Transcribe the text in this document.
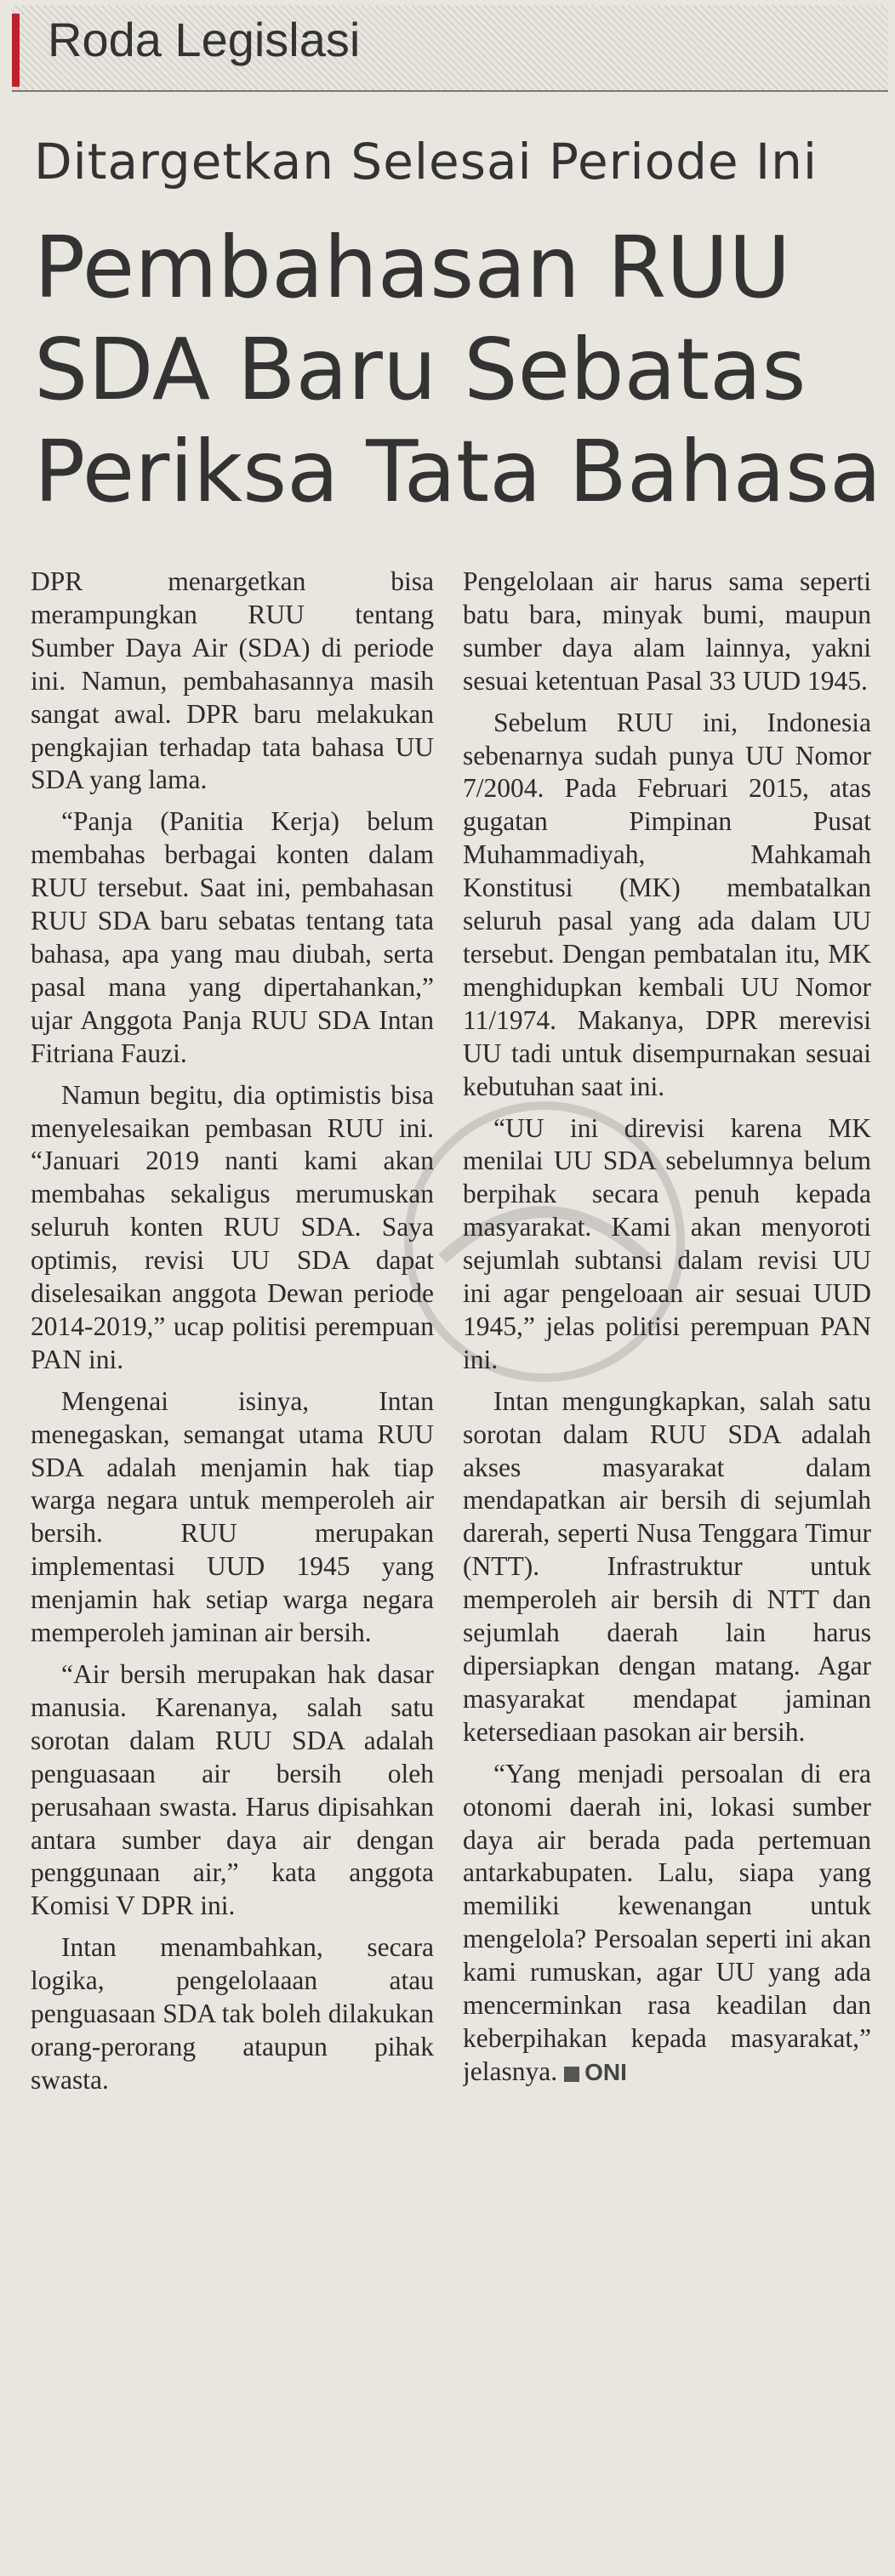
Roda Legislasi
Ditargetkan Selesai Periode Ini
Pembahasan RUU
SDA Baru Sebatas
Periksa Tata Bahasa

DPR menargetkan bisa merampungkan RUU tentang Sumber Daya Air (SDA) di periode ini. Namun, pembahasannya masih sangat awal. DPR baru melakukan pengkajian terhadap tata bahasa UU SDA yang lama.

“Panja (Panitia Kerja) belum membahas berbagai konten dalam RUU tersebut. Saat ini, pembahasan RUU SDA baru sebatas tentang tata bahasa, apa yang mau diubah, serta pasal mana yang dipertahankan,” ujar Anggota Panja RUU SDA Intan Fitriana Fauzi.

Namun begitu, dia optimistis bisa menyelesaikan pembasan RUU ini. “Januari 2019 nanti kami akan membahas sekaligus merumuskan seluruh konten RUU SDA. Saya optimis, revisi UU SDA dapat diselesaikan anggota Dewan periode 2014-2019,” ucap politisi perempuan PAN ini.

Mengenai isinya, Intan menegaskan, semangat utama RUU SDA adalah menjamin hak tiap warga negara untuk memperoleh air bersih. RUU merupakan implementasi UUD 1945 yang menjamin hak setiap warga negara memperoleh jaminan air bersih.

“Air bersih merupakan hak dasar manusia. Karenanya, salah satu sorotan dalam RUU SDA adalah penguasaan air bersih oleh perusahaan swasta. Harus dipisahkan antara sumber daya air dengan penggunaan air,” kata anggota Komisi V DPR ini.

Intan menambahkan, secara logika, pengelolaaan atau penguasaan SDA tak boleh dilakukan orang-perorang ataupun pihak swasta.

Pengelolaan air harus sama seperti batu bara, minyak bumi, maupun sumber daya alam lainnya, yakni sesuai ketentuan Pasal 33 UUD 1945.

Sebelum RUU ini, Indonesia sebenarnya sudah punya UU Nomor 7/2004. Pada Februari 2015, atas gugatan Pimpinan Pusat Muhammadiyah, Mahkamah Konstitusi (MK) membatalkan seluruh pasal yang ada dalam UU tersebut. Dengan pembatalan itu, MK menghidupkan kembali UU Nomor 11/1974. Makanya, DPR merevisi UU tadi untuk disempurnakan sesuai kebutuhan saat ini.

“UU ini direvisi karena MK menilai UU SDA sebelumnya belum berpihak secara penuh kepada masyarakat. Kami akan menyoroti sejumlah subtansi dalam revisi UU ini agar pengeloaan air sesuai UUD 1945,” jelas politisi perempuan PAN ini.

Intan mengungkapkan, salah satu sorotan dalam RUU SDA adalah akses masyarakat dalam mendapatkan air bersih di sejumlah darerah, seperti Nusa Tenggara Timur (NTT). Infrastruktur untuk memperoleh air bersih di NTT dan sejumlah daerah lain harus dipersiapkan dengan matang. Agar masyarakat mendapat jaminan ketersediaan pasokan air bersih.

“Yang menjadi persoalan di era otonomi daerah ini, lokasi sumber daya air berada pada pertemuan antarkabupaten. Lalu, siapa yang memiliki kewenangan untuk mengelola? Persoalan seperti ini akan kami rumuskan, agar UU yang ada mencerminkan rasa keadilan dan keberpihakan kepada masyarakat,” jelasnya. ONI
